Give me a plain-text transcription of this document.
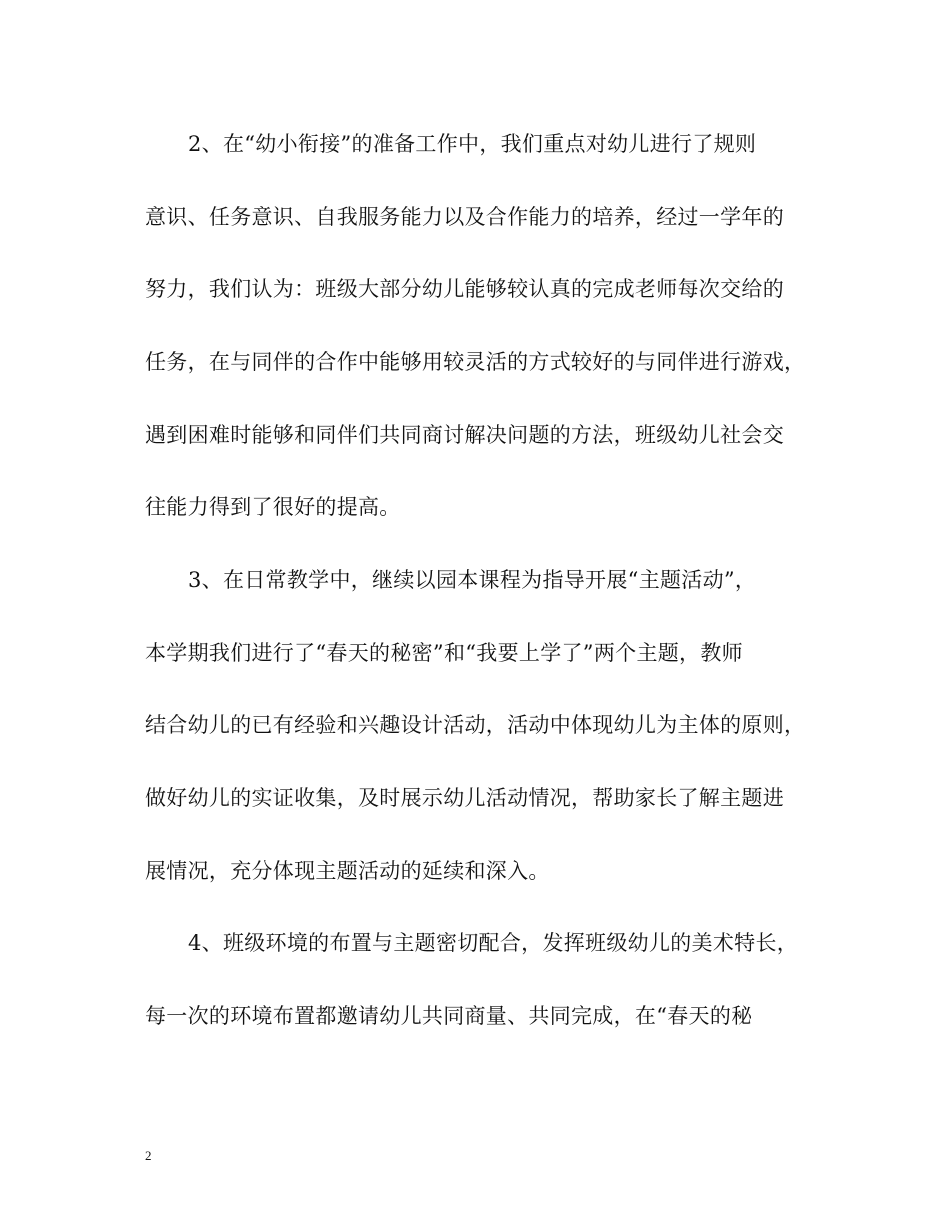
2、在“幼小衔接”的准备工作中，我们重点对幼儿进行了规则
意识、任务意识、自我服务能力以及合作能力的培养，经过一学年的
努力，我们认为：班级大部分幼儿能够较认真的完成老师每次交给的
任务，在与同伴的合作中能够用较灵活的方式较好的与同伴进行游戏，
遇到困难时能够和同伴们共同商讨解决问题的方法，班级幼儿社会交
往能力得到了很好的提高。
3、在日常教学中，继续以园本课程为指导开展“主题活动”，
本学期我们进行了“春天的秘密”和“我要上学了”两个主题，教师
结合幼儿的已有经验和兴趣设计活动，活动中体现幼儿为主体的原则，
做好幼儿的实证收集，及时展示幼儿活动情况，帮助家长了解主题进
展情况，充分体现主题活动的延续和深入。
4、班级环境的布置与主题密切配合，发挥班级幼儿的美术特长，
每一次的环境布置都邀请幼儿共同商量、共同完成，在“春天的秘
2
